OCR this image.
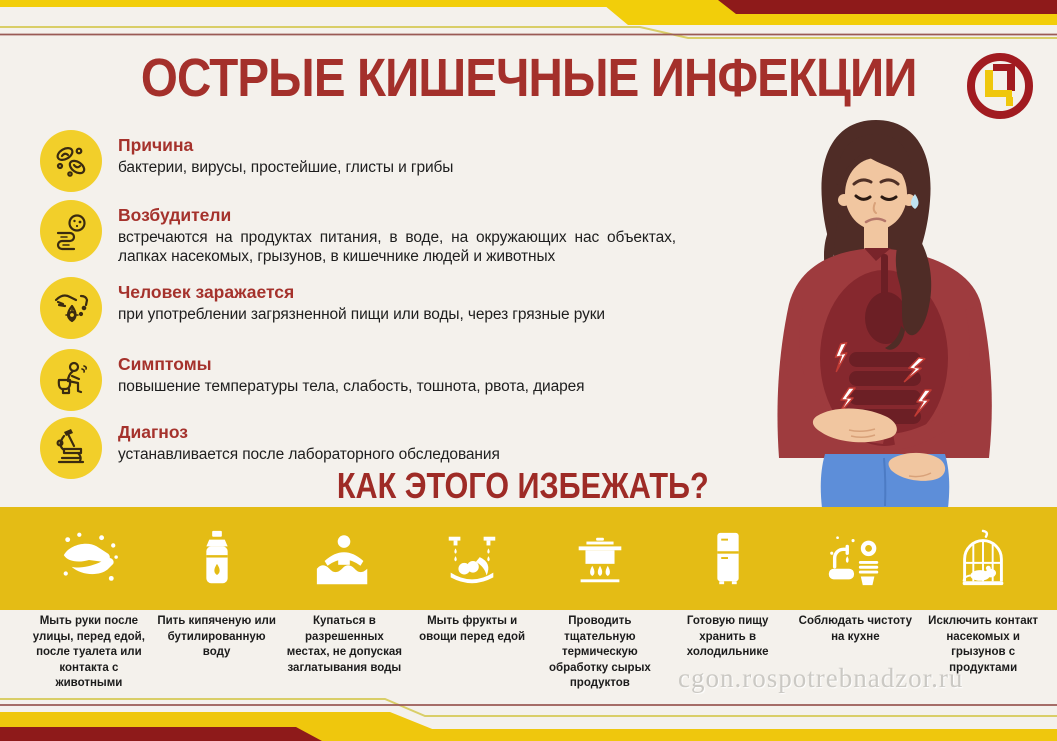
ОСТРЫЕ КИШЕЧНЫЕ ИНФЕКЦИИ

Причина

бактерии, вирусы, простейшие, глисты и грибы

Возбудители

встречаются на продуктах питания, в воде, на окружающих нас объектах, лапках насекомых, грызунов, в кишечнике людей и животных

Человек заражается

при употреблении загрязненной пищи или воды, через грязные руки

Симптомы

повышение температуры тела, слабость, тошнота, рвота, диарея

Диагноз

устанавливается после лабораторного обследования

КАК ЭТОГО ИЗБЕЖАТЬ?
Мыть руки после улицы, перед едой, после туалета или контакта с животными
Пить кипяченую или бутилированную воду
Купаться в разрешенных местах, не допуская заглатывания воды
Мыть фрукты и овощи перед едой
Проводить тщательную термическую обработку сырых продуктов
Готовую пищу хранить в холодильнике
Соблюдать чистоту на кухне
Исключить контакт насекомых и грызунов с продуктами
cgon.rospotrebnadzor.ru
